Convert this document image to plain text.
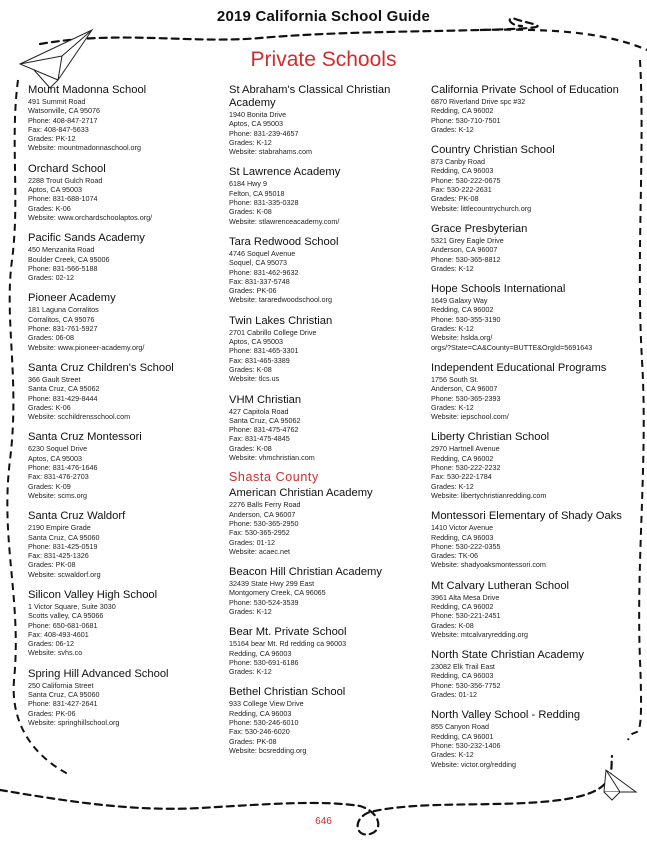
2019 California School Guide
Private Schools
Mount Madonna School
491 Summit Road
Watsonville, CA 95076
Phone: 408-847-2717
Fax: 408-847-5633
Grades: PK-12
Website: mountmadonnaschool.org
Orchard School
2288 Trout Gulch Road
Aptos, CA 95003
Phone: 831-688-1074
Grades: K-06
Website: www.orchardschoolaptos.org/
Pacific Sands Academy
450 Menzanita Road
Boulder Creek, CA 95006
Phone: 831-566-5188
Grades: 02-12
Pioneer Academy
181 Laguna Corralitos
Corralitos, CA 95076
Phone: 831-761-5927
Grades: 06-08
Website: www.pioneer-academy.org/
Santa Cruz Children's School
366 Gault Street
Santa Cruz, CA 95062
Phone: 831-429-8444
Grades: K-06
Website: scchildrensschool.com
Santa Cruz Montessori
6230 Soquel Drive
Aptos, CA 95003
Phone: 831-476-1646
Fax: 831-476-2703
Grades: K-09
Website: scms.org
Santa Cruz Waldorf
2190 Empire Grade
Santa Cruz, CA 95060
Phone: 831-425-0519
Fax: 831-425-1326
Grades: PK-08
Website: scwaldorf.org
Silicon Valley High School
1 Victor Square, Suite 3030
Scotts valley, CA 95066
Phone: 650-681-0681
Fax: 408-493-4601
Grades: 06-12
Website: svhs.co
Spring Hill Advanced School
250 California Street
Santa Cruz, CA 95060
Phone: 831-427-2641
Grades: PK-06
Website: springhillschool.org
St Abraham's Classical Christian Academy
1940 Bonita Drive
Aptos, CA 95003
Phone: 831-239-4657
Grades: K-12
Website: stabrahams.com
St Lawrence Academy
6184 Hwy 9
Felton, CA 95018
Phone: 831-335-0328
Grades: K-08
Website: stlawrenceacademy.com/
Tara Redwood School
4746 Soquel Avenue
Soquel, CA 95073
Phone: 831-462-9632
Fax: 831-337-5748
Grades: PK-06
Website: tararedwoodschool.org
Twin Lakes Christian
2701 Cabrillo College Drive
Aptos, CA 95003
Phone: 831-465-3301
Fax: 831-465-3389
Grades: K-08
Website: tlcs.us
VHM Christian
427 Capitola Road
Santa Cruz, CA 95062
Phone: 831-475-4762
Fax: 831-475-4845
Grades: K-08
Website: vhmchristian.com
Shasta County
American Christian Academy
2276 Balls Ferry Road
Anderson, CA 96007
Phone: 530-365-2950
Fax: 530-365-2952
Grades: 01-12
Website: acaec.net
Beacon Hill Christian Academy
32439 State Hwy 299 East
Montgomery Creek, CA 96065
Phone: 530-524-3539
Grades: K-12
Bear Mt. Private School
15164 bear Mt. Rd redding ca 96003
Redding, CA 96003
Phone: 530-691-6186
Grades: K-12
Bethel Christian School
933 College View Drive
Redding, CA 96003
Phone: 530-246-6010
Fax: 530-246-6020
Grades: PK-08
Website: bcsredding.org
California Private School of Education
6870 Riverland Drive spc #32
Redding, CA 96002
Phone: 530-710-7501
Grades: K-12
Country Christian School
873 Canby Road
Redding, CA 96003
Phone: 530-222-0675
Fax: 530-222-2631
Grades: PK-08
Website: littlecountrychurch.org
Grace Presbyterian
5321 Grey Eagle Drive
Anderson, CA 96007
Phone: 530-365-8812
Grades: K-12
Hope Schools International
1649 Galaxy Way
Redding, CA 96002
Phone: 530-355-3190
Grades: K-12
Website: hslda.org/
orgs/?State=CA&County=BUTTE&OrgId=5691643
Independent Educational Programs
1756 South St.
Anderson, CA 96007
Phone: 530-365-2393
Grades: K-12
Website: iepschool.com/
Liberty Christian School
2970 Hartnell Avenue
Redding, CA 96002
Phone: 530-222-2232
Fax: 530-222-1784
Grades: K-12
Website: libertychristianredding.com
Montessori Elementary of Shady Oaks
1410 Victor Avenue
Redding, CA 96003
Phone: 530-222-0355
Grades: TK-06
Website: shadyoaksmontessori.com
Mt Calvary Lutheran School
3961 Alta Mesa Drive
Redding, CA 96002
Phone: 530-221-2451
Grades: K-08
Website: mtcalvaryredding.org
North State Christian Academy
23082 Elk Trail East
Redding, CA 96003
Phone: 530-356-7752
Grades: 01-12
North Valley School - Redding
855 Canyon Road
Redding, CA 96001
Phone: 530-232-1406
Grades: K-12
Website: victor.org/redding
646
